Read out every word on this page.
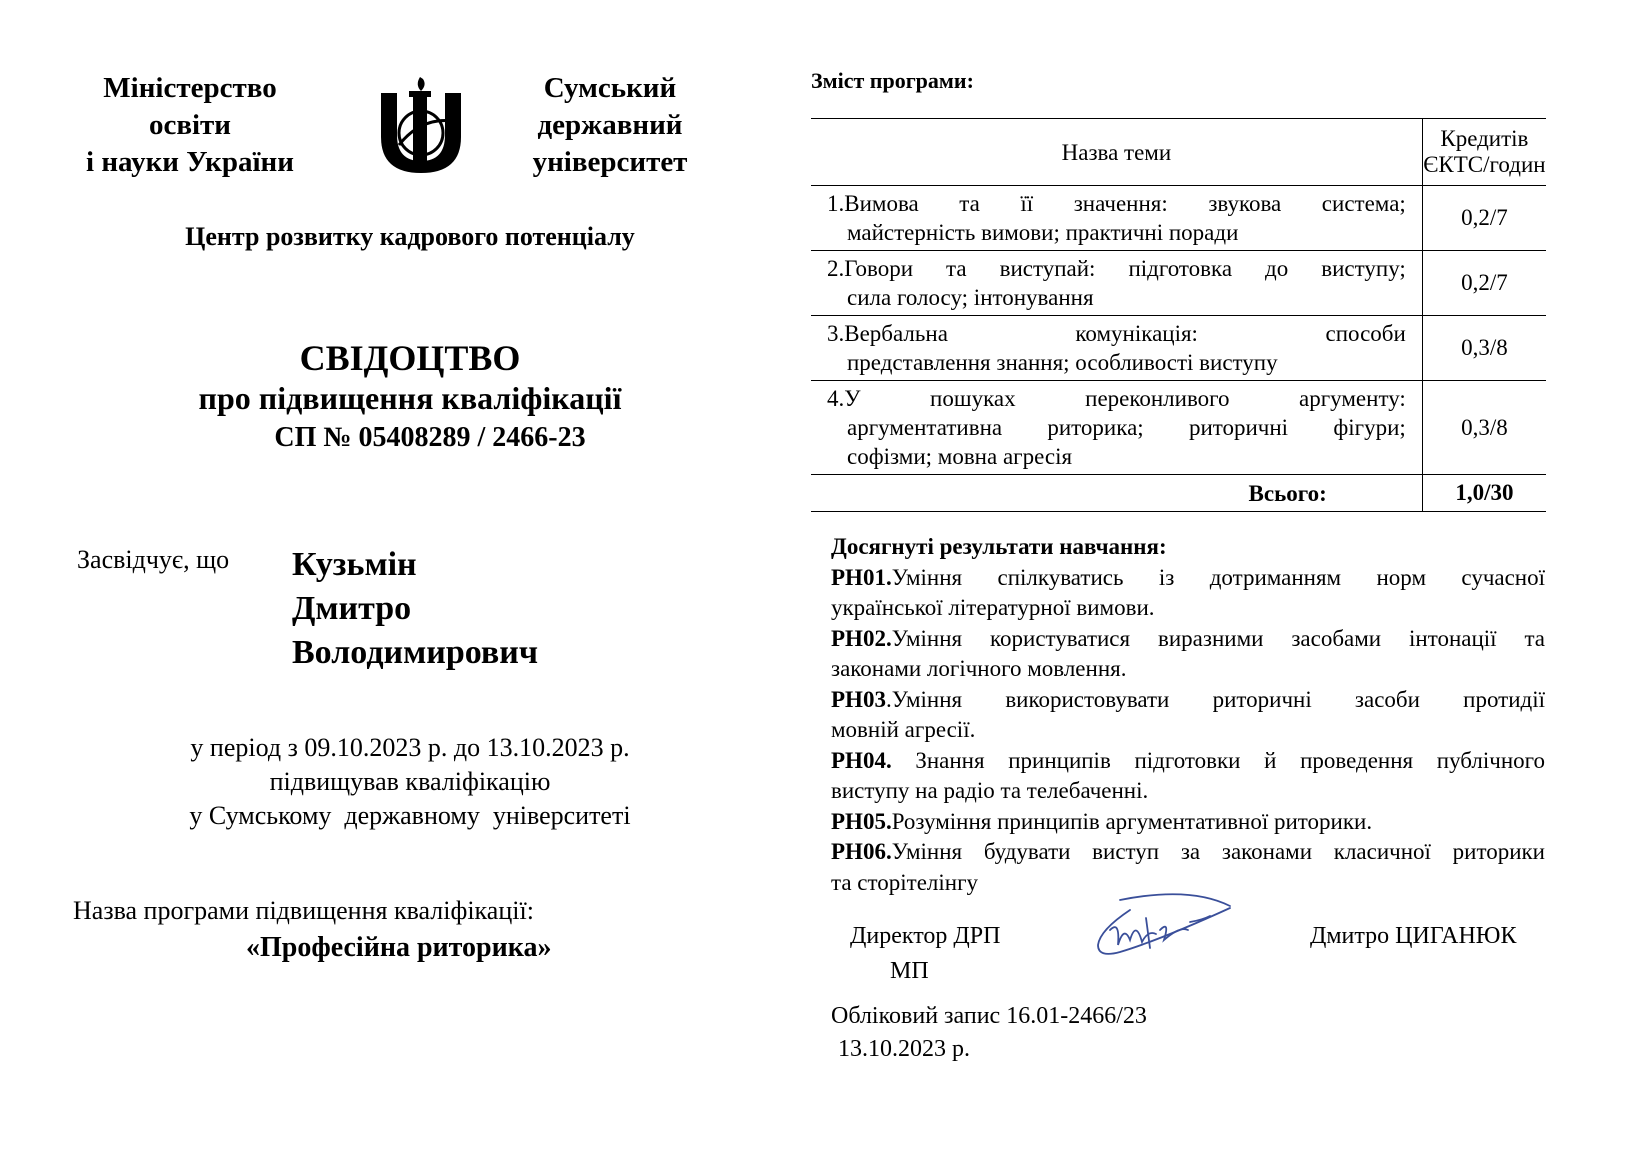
Міністерство
освіти
і науки України
Сумський
державний
університет
Центр розвитку кадрового потенціалу
СВІДОЦТВО
про підвищення кваліфікації
СП № 05408289 / 2466-23
Засвідчує, що Кузьмін
Дмитро
Володимирович
у період з 09.10.2023 р. до 13.10.2023 р.
підвищував кваліфікацію
у Сумському  державному  університеті
Назва програми підвищення кваліфікації:
«Професійна риторика»
Зміст програми:
Назва теми	Кредитів
ЄКТС/годин

1.Вимова та її значення: звукова система;
майстерність вимови; практичні поради	0,2/7

2.Говори та виступай: підготовка до виступу;
сила голосу; інтонування	0,2/7

3.Вербальна комунікація: способи
представлення знання; особливості виступу	0,3/8

4.У пошуках переконливого аргументу:
аргументативна риторика; риторичні фігури;
софізми; мовна агресія	0,3/8
Всього:	1,0/30

Досягнуті результати навчання:

РН01.Уміння спілкуватись із дотриманням норм сучасної

української літературної вимови.

РН02.Уміння користуватися виразними засобами інтонації та

законами логічного мовлення.

РН03.Уміння використовувати риторичні засоби протидії

мовній агресії.

РН04. Знання принципів підготовки й проведення публічного

виступу на радіо та телебаченні.

РН05.Розуміння принципів аргументативної риторики.

РН06.Уміння будувати виступ за законами класичної риторики

та сторітелінгу

Директор ДРП
МП
Дмитро ЦИГАНЮК
Обліковий запис 16.01-2466/23
13.10.2023 р.
